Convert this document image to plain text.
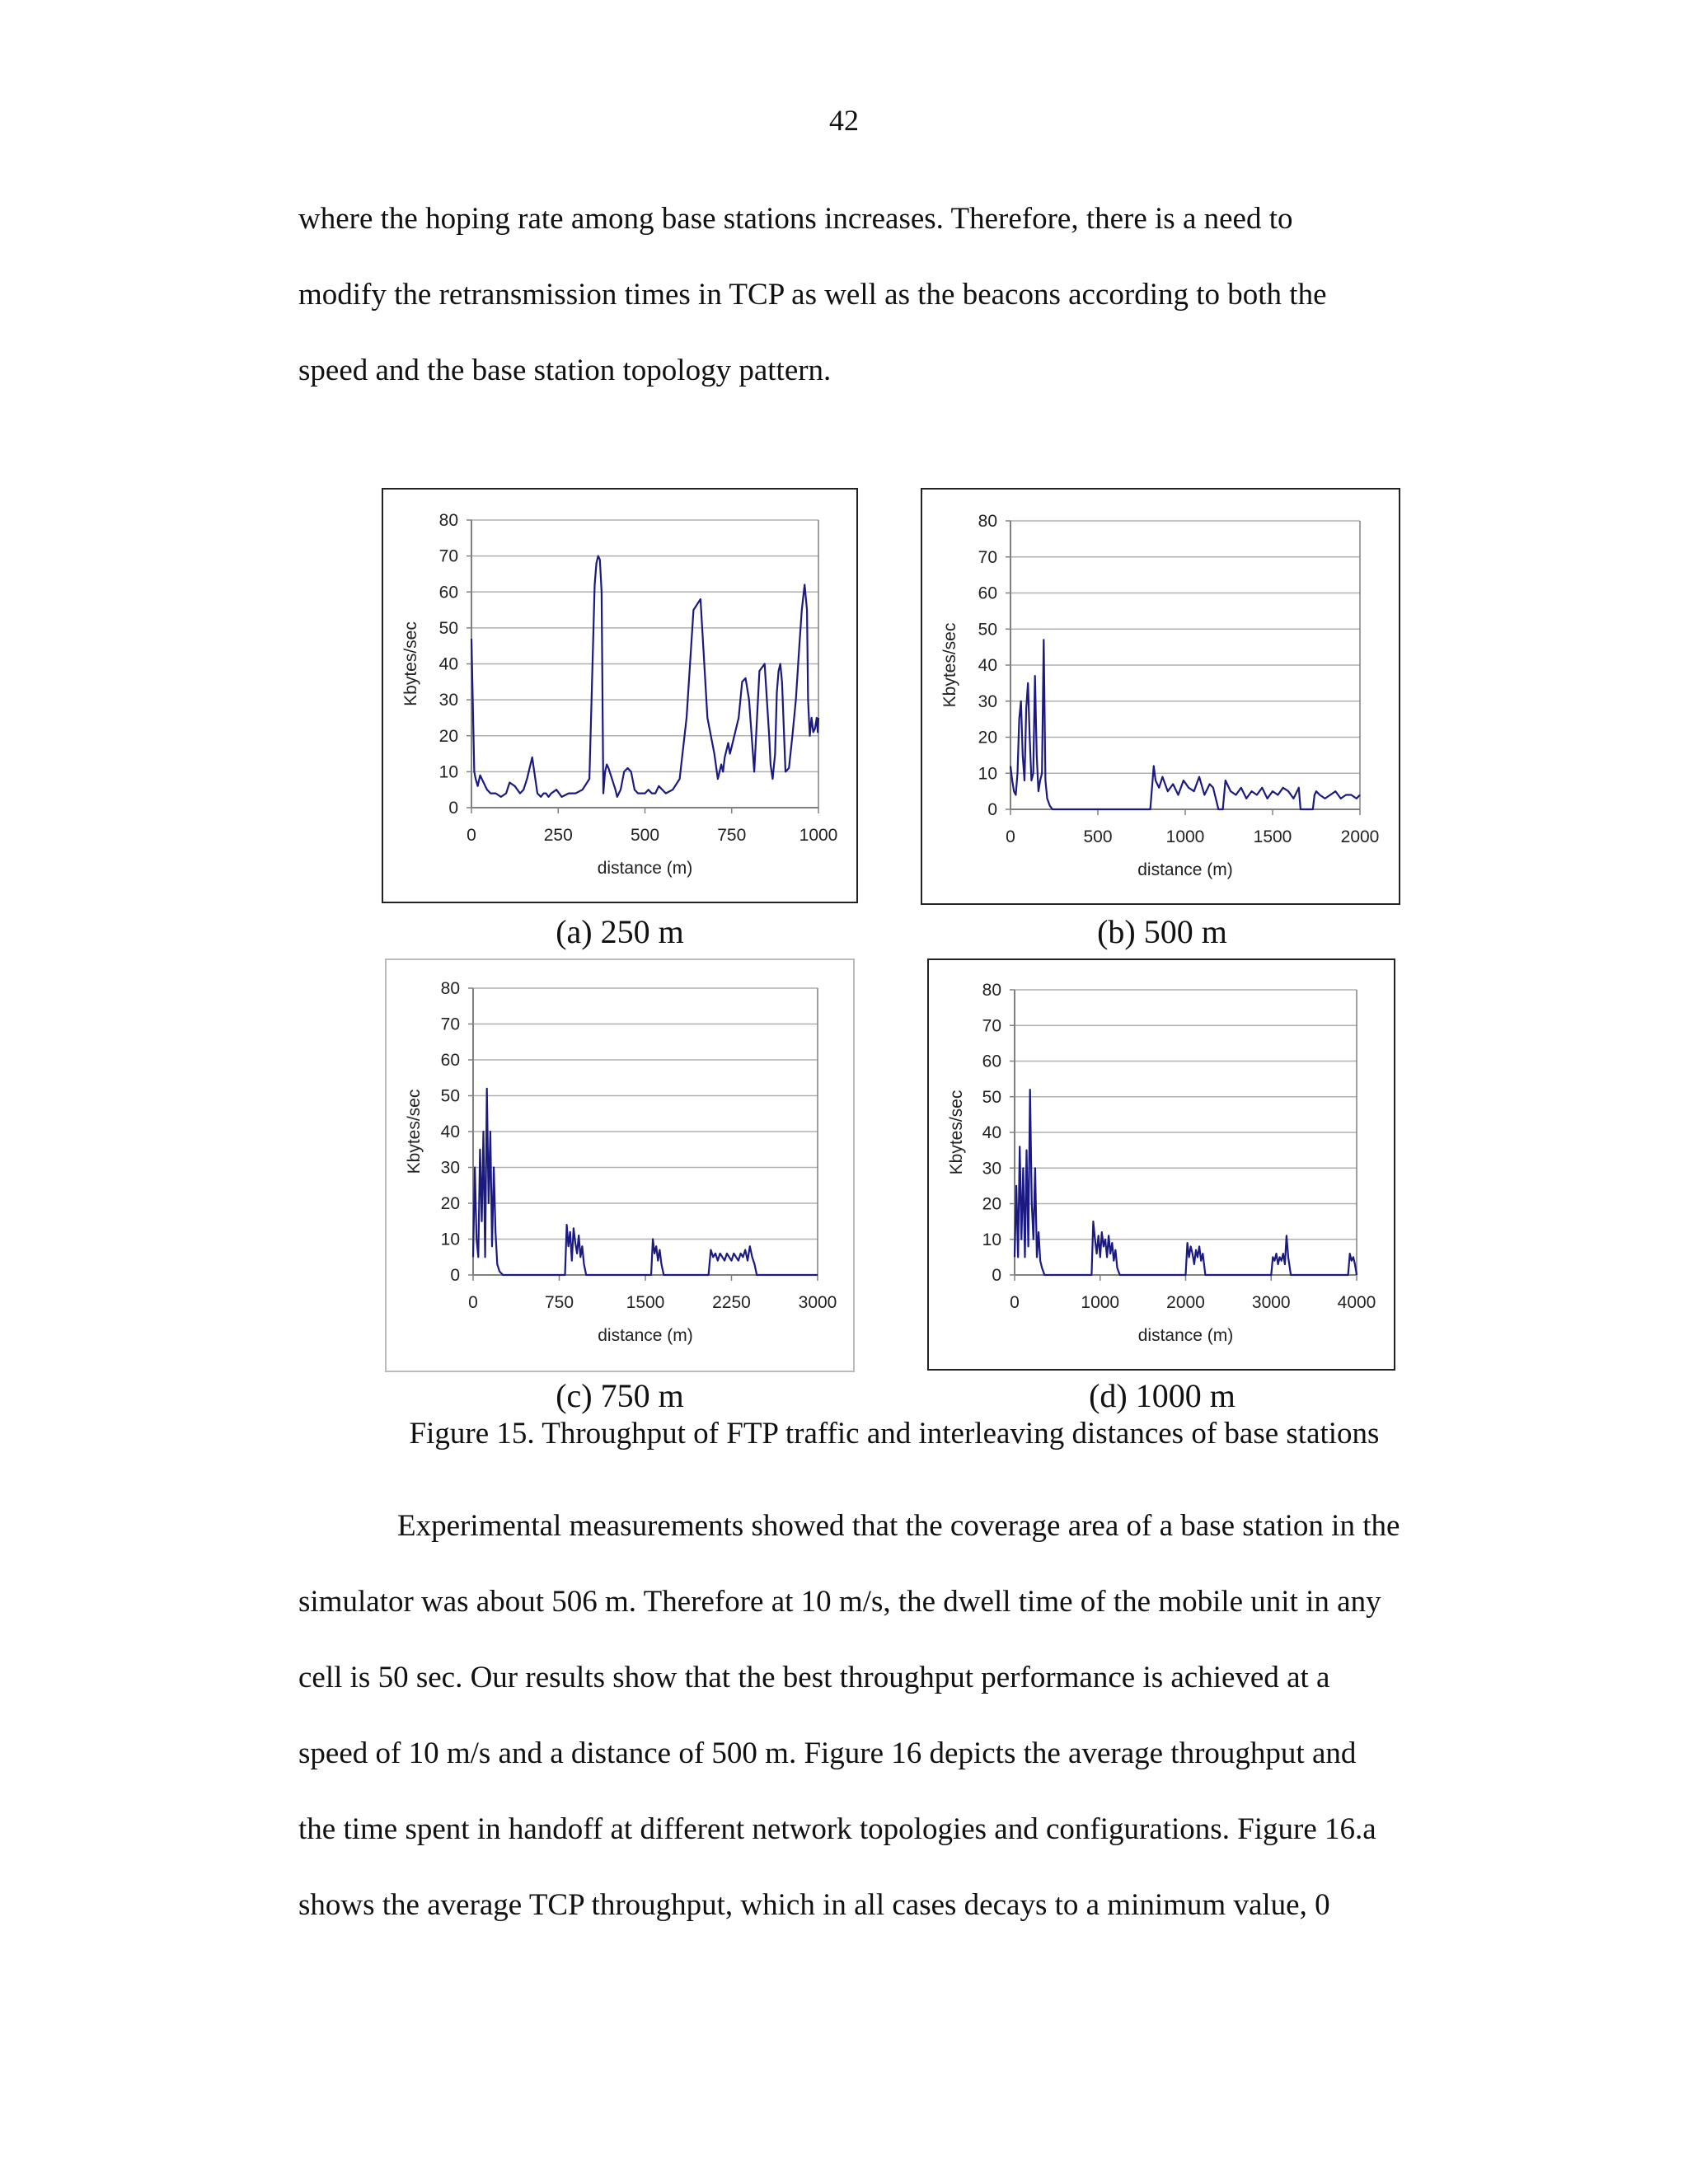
42

where the hoping rate among base stations increases. Therefore, there is a need to
modify the retransmission times in TCP as well as the beacons according to both the
speed and the base station topology pattern.

0
10
20
30
40
50
60
70
80
0	250	500	750	1000
distance (m)
Kbytes/sec
0
10
20
30
40
50
60
70
80
0	500	1000	1500	2000
distance (m)
Kbytes/sec
0
10
20
30
40
50
60
70
80
0	750	1500	2250	3000
distance (m)
Kbytes/sec
0
10
20
30
40
50
60
70
80
0	1000	2000	3000	4000
distance (m)
Kbytes/sec
(a) 250 m	(b) 500 m
(c) 750 m	(d) 1000 m
Figure 15. Throughput of FTP traffic and interleaving distances of base stations

Experimental measurements showed that the coverage area of a base station in the
simulator was about 506 m. Therefore at 10 m/s, the dwell time of the mobile unit in any
cell is 50 sec. Our results show that the best throughput performance is achieved at a
speed of 10 m/s and a distance of 500 m. Figure 16 depicts the average throughput and
the time spent in handoff at different network topologies and configurations. Figure 16.a
shows the average TCP throughput, which in all cases decays to a minimum value, 0
